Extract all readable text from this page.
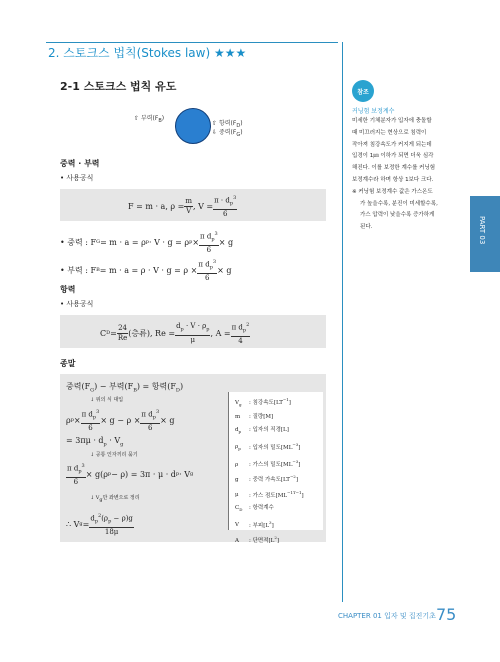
2. 스토크스 법칙(Stokes law) ★★★
2-1 스토크스 법칙 유도
⇧ 부력$(F_B)$
⇧ 항력$(F_D)$
⇩ 중력$(F_G)$
중력 · 부력
• 사용공식
F = m · a, $\rho = \frac{m}{V}$ , $V = \frac{\pi \cdot d_p^3}{6}$
• 중력 : F G = m · a = ρ p · V · g = ρ $p \times \frac{\pi d_p^3}{6} \times g$
• 부력 : F $B = m \cdot a = \rho \cdot V \cdot g = \rho \times \frac{\pi d_p^3}{6} \times g$
항력
• 사용공식
C $D = \frac{24}{Re}$ (층류), $Re = \frac{d_p \cdot V \cdot \rho_p}{\mu}$ , $A = \frac{\pi d_p^2}{4}$
종말
중력$(F_G)$ − 부력$(F_B)$ = 항력$(F_D)$
↓ 위의 식 대입
ρ $p \times \frac{\pi d_p^3}{6} \times g - \rho \times \frac{\pi d_p^3}{6} \times g$
= $3\pi\mu \cdot d_p \cdot V_g$
↓ 공통 인자끼리 묶기
$\frac{\pi d_p^3}{6} \times g(\rho$ p − ρ) = 3π · μ · d p · V g
↓ $V_g$만 좌변으로 정리
∴ V $g = \frac{d_p^2(\rho_p - \rho)g}{18\mu}$
$V_g$ : 침강속도$[LT^{-1}]$
m : 질량[M]
$d_p$ : 입자의 직경[L]
$\rho_p$ : 입자의 밀도$[ML^{-3}]$
ρ : 가스의 밀도$[ML^{-3}]$
g : 중력 가속도$[LT^{-2}]$
μ : 가스 점도$[ML^{-1T-1}]$
$C_D$ : 항력계수
V : 부피$[L^3]$
A : 단면적$[L^2]$
참조
커닝험 보정계수
미세한 기체분자가 입자에 충돌할
때 미끄러지는 현상으로 침력이
작아져 침강속도가 커지게 되는데
입경이 1㎛ 이하가 되면 더욱 심각
해진다. 이를 보정한 계수를 커닝험
보정계수라 하며 항상 1보다 크다.
※ 커닝험 보정계수 값은 가스온도
가 높을수록, 분진이 미세할수록,
가스 압력이 낮을수록 증가하게
된다.	PART 03
CHAPTER 01 입자 및 집진기초 75
